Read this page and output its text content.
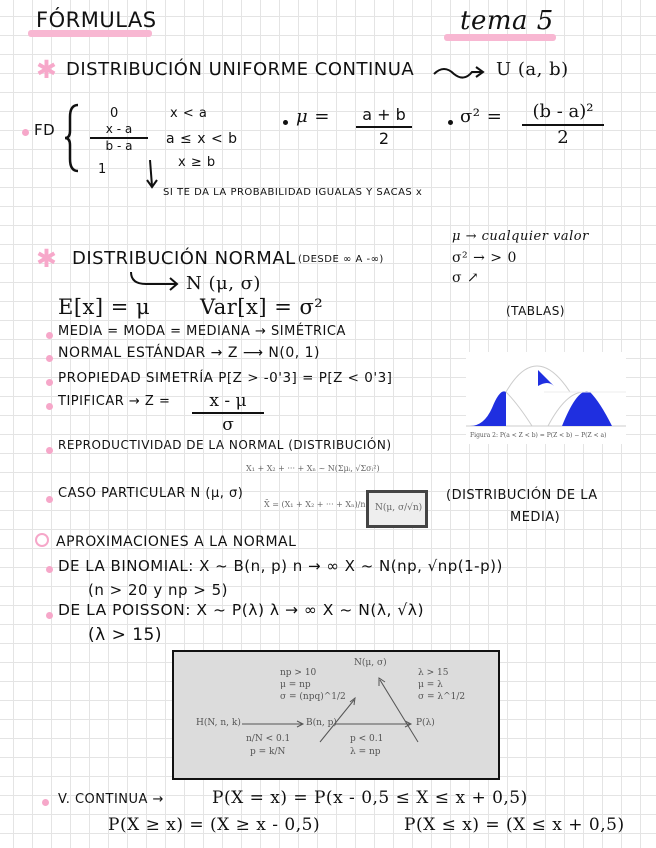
FÓRMULAS	tema 5
✱ DISTRIBUCIÓN UNIFORME CONTINUA	U (a, b)
FD
0	x < a
$\frac{x - a}{b - a}$ a ≤ x < b
1	x ≥ b
SI TE DA LA PROBABILIDAD IGUALAS Y SACAS x
$\mu = \frac{a + b}{2}$	$\sigma^2 = \frac{\text{(b - a)²}}{2}$
✱ DISTRIBUCIÓN NORMAL (DESDE ∞ A -∞)
N (μ, σ)
μ → cualquier valor
σ² → > 0
σ ↗
E[x] = μ Var[x] = σ²	(TABLAS)
MEDIA = MODA = MEDIANA → SIMÉTRICA
NORMAL ESTÁNDAR → Z ⟶ N(0, 1)
PROPIEDAD SIMETRÍA P[Z > -0'3] = P[Z < 0'3]
TIPIFICAR → $Z = \frac{x - \mu}{\sigma}$	Figura 2: P(a < Z < b) = P(Z < b) − P(Z < a)
REPRODUCTIVIDAD DE LA NORMAL (DISTRIBUCIÓN)
X₁ + X₂ + ··· + Xₙ ~ N(Σμᵢ, √Σσᵢ²)
CASO PARTICULAR N (μ, σ)
X̄ = (X₁ + X₂ + ··· + Xₙ)/n N(μ, σ/√n)
(DISTRIBUCIÓN DE LA
MEDIA)
APROXIMACIONES A LA NORMAL
DE LA BINOMIAL: X ~ B(n, p) n → ∞ X ~ N(np, √np(1-p))
(n > 20 y np > 5)
DE LA POISSON: X ~ P(λ) λ → ∞ X ~ N(λ, √λ)
(λ > 15)
N(μ, σ)
np > 10
μ = np
σ = (npq)^1/2
λ > 15
μ = λ
σ = λ^1/2
H(N, n, k)	B(n, p)	P(λ)
n/N < 0.1
p = k/N
p < 0.1
λ = np
V. CONTINUA →	P(X = x) = P(x - 0,5 ≤ X ≤ x + 0,5)
P(X ≥ x) = (X ≥ x - 0,5)	P(X ≤ x) = (X ≤ x + 0,5)
